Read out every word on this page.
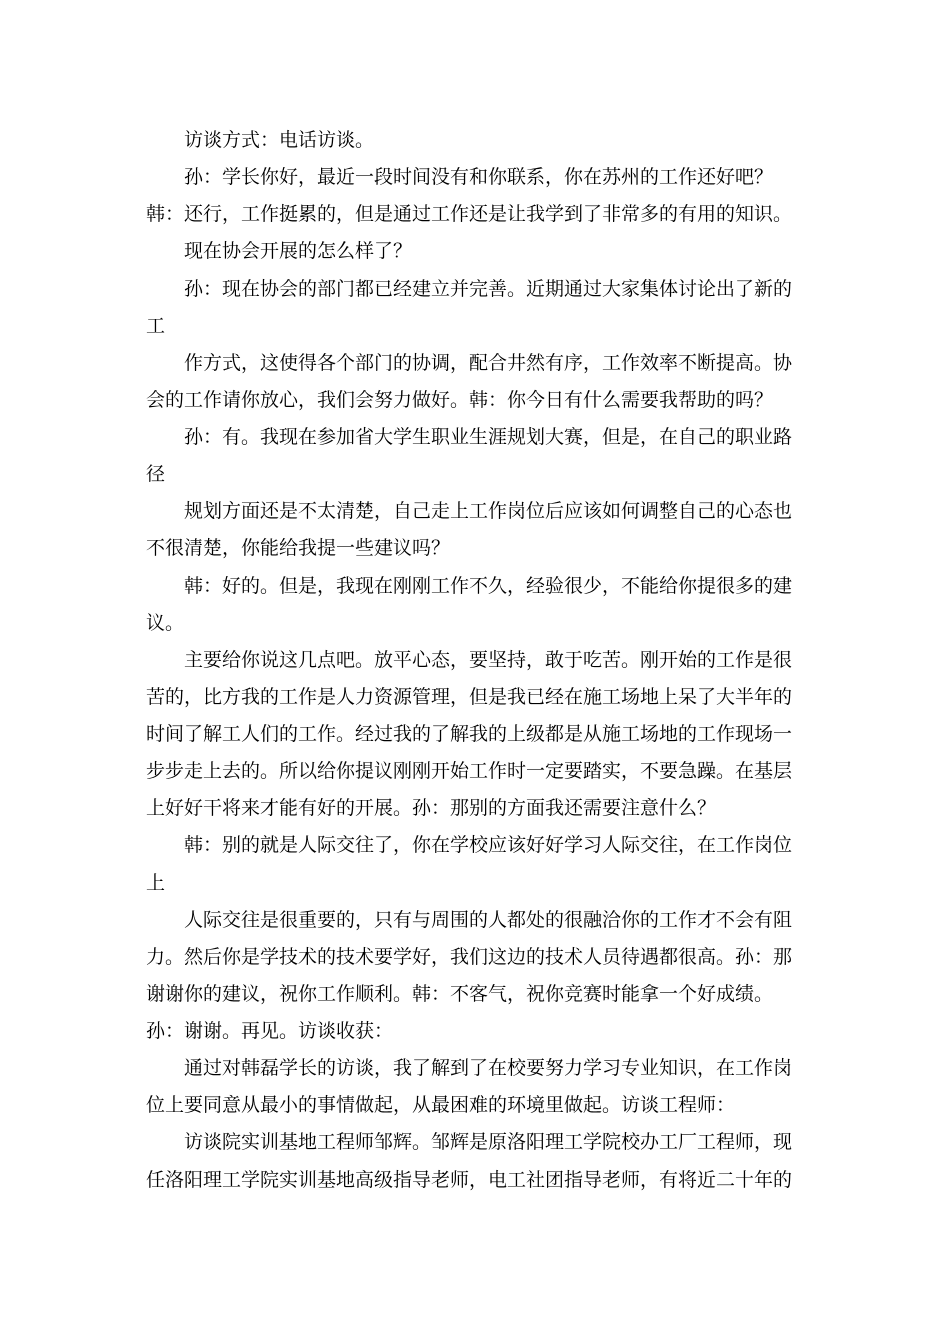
访谈方式：电话访谈。
孙：学长你好，最近一段时间没有和你联系，你在苏州的工作还好吧？
韩：还行，工作挺累的，但是通过工作还是让我学到了非常多的有用的知识。
现在协会开展的怎么样了？
孙：现在协会的部门都已经建立并完善。近期通过大家集体讨论出了新的
工
作方式，这使得各个部门的协调，配合井然有序，工作效率不断提高。协
会的工作请你放心，我们会努力做好。韩：你今日有什么需要我帮助的吗？
孙：有。我现在参加省大学生职业生涯规划大赛，但是，在自己的职业路
径
规划方面还是不太清楚，自己走上工作岗位后应该如何调整自己的心态也
不很清楚，你能给我提一些建议吗？
韩：好的。但是，我现在刚刚工作不久，经验很少，不能给你提很多的建
议。
主要给你说这几点吧。放平心态，要坚持，敢于吃苦。刚开始的工作是很
苦的，比方我的工作是人力资源管理，但是我已经在施工场地上呆了大半年的
时间了解工人们的工作。经过我的了解我的上级都是从施工场地的工作现场一
步步走上去的。所以给你提议刚刚开始工作时一定要踏实，不要急躁。在基层
上好好干将来才能有好的开展。孙：那别的方面我还需要注意什么？
韩：别的就是人际交往了，你在学校应该好好学习人际交往，在工作岗位
上
人际交往是很重要的，只有与周围的人都处的很融洽你的工作才不会有阻
力。然后你是学技术的技术要学好，我们这边的技术人员待遇都很高。孙：那
谢谢你的建议，祝你工作顺利。韩：不客气，祝你竞赛时能拿一个好成绩。
孙：谢谢。再见。访谈收获：
通过对韩磊学长的访谈，我了解到了在校要努力学习专业知识，在工作岗
位上要同意从最小的事情做起，从最困难的环境里做起。访谈工程师：
访谈院实训基地工程师邹辉。邹辉是原洛阳理工学院校办工厂工程师，现
任洛阳理工学院实训基地高级指导老师，电工社团指导老师，有将近二十年的
